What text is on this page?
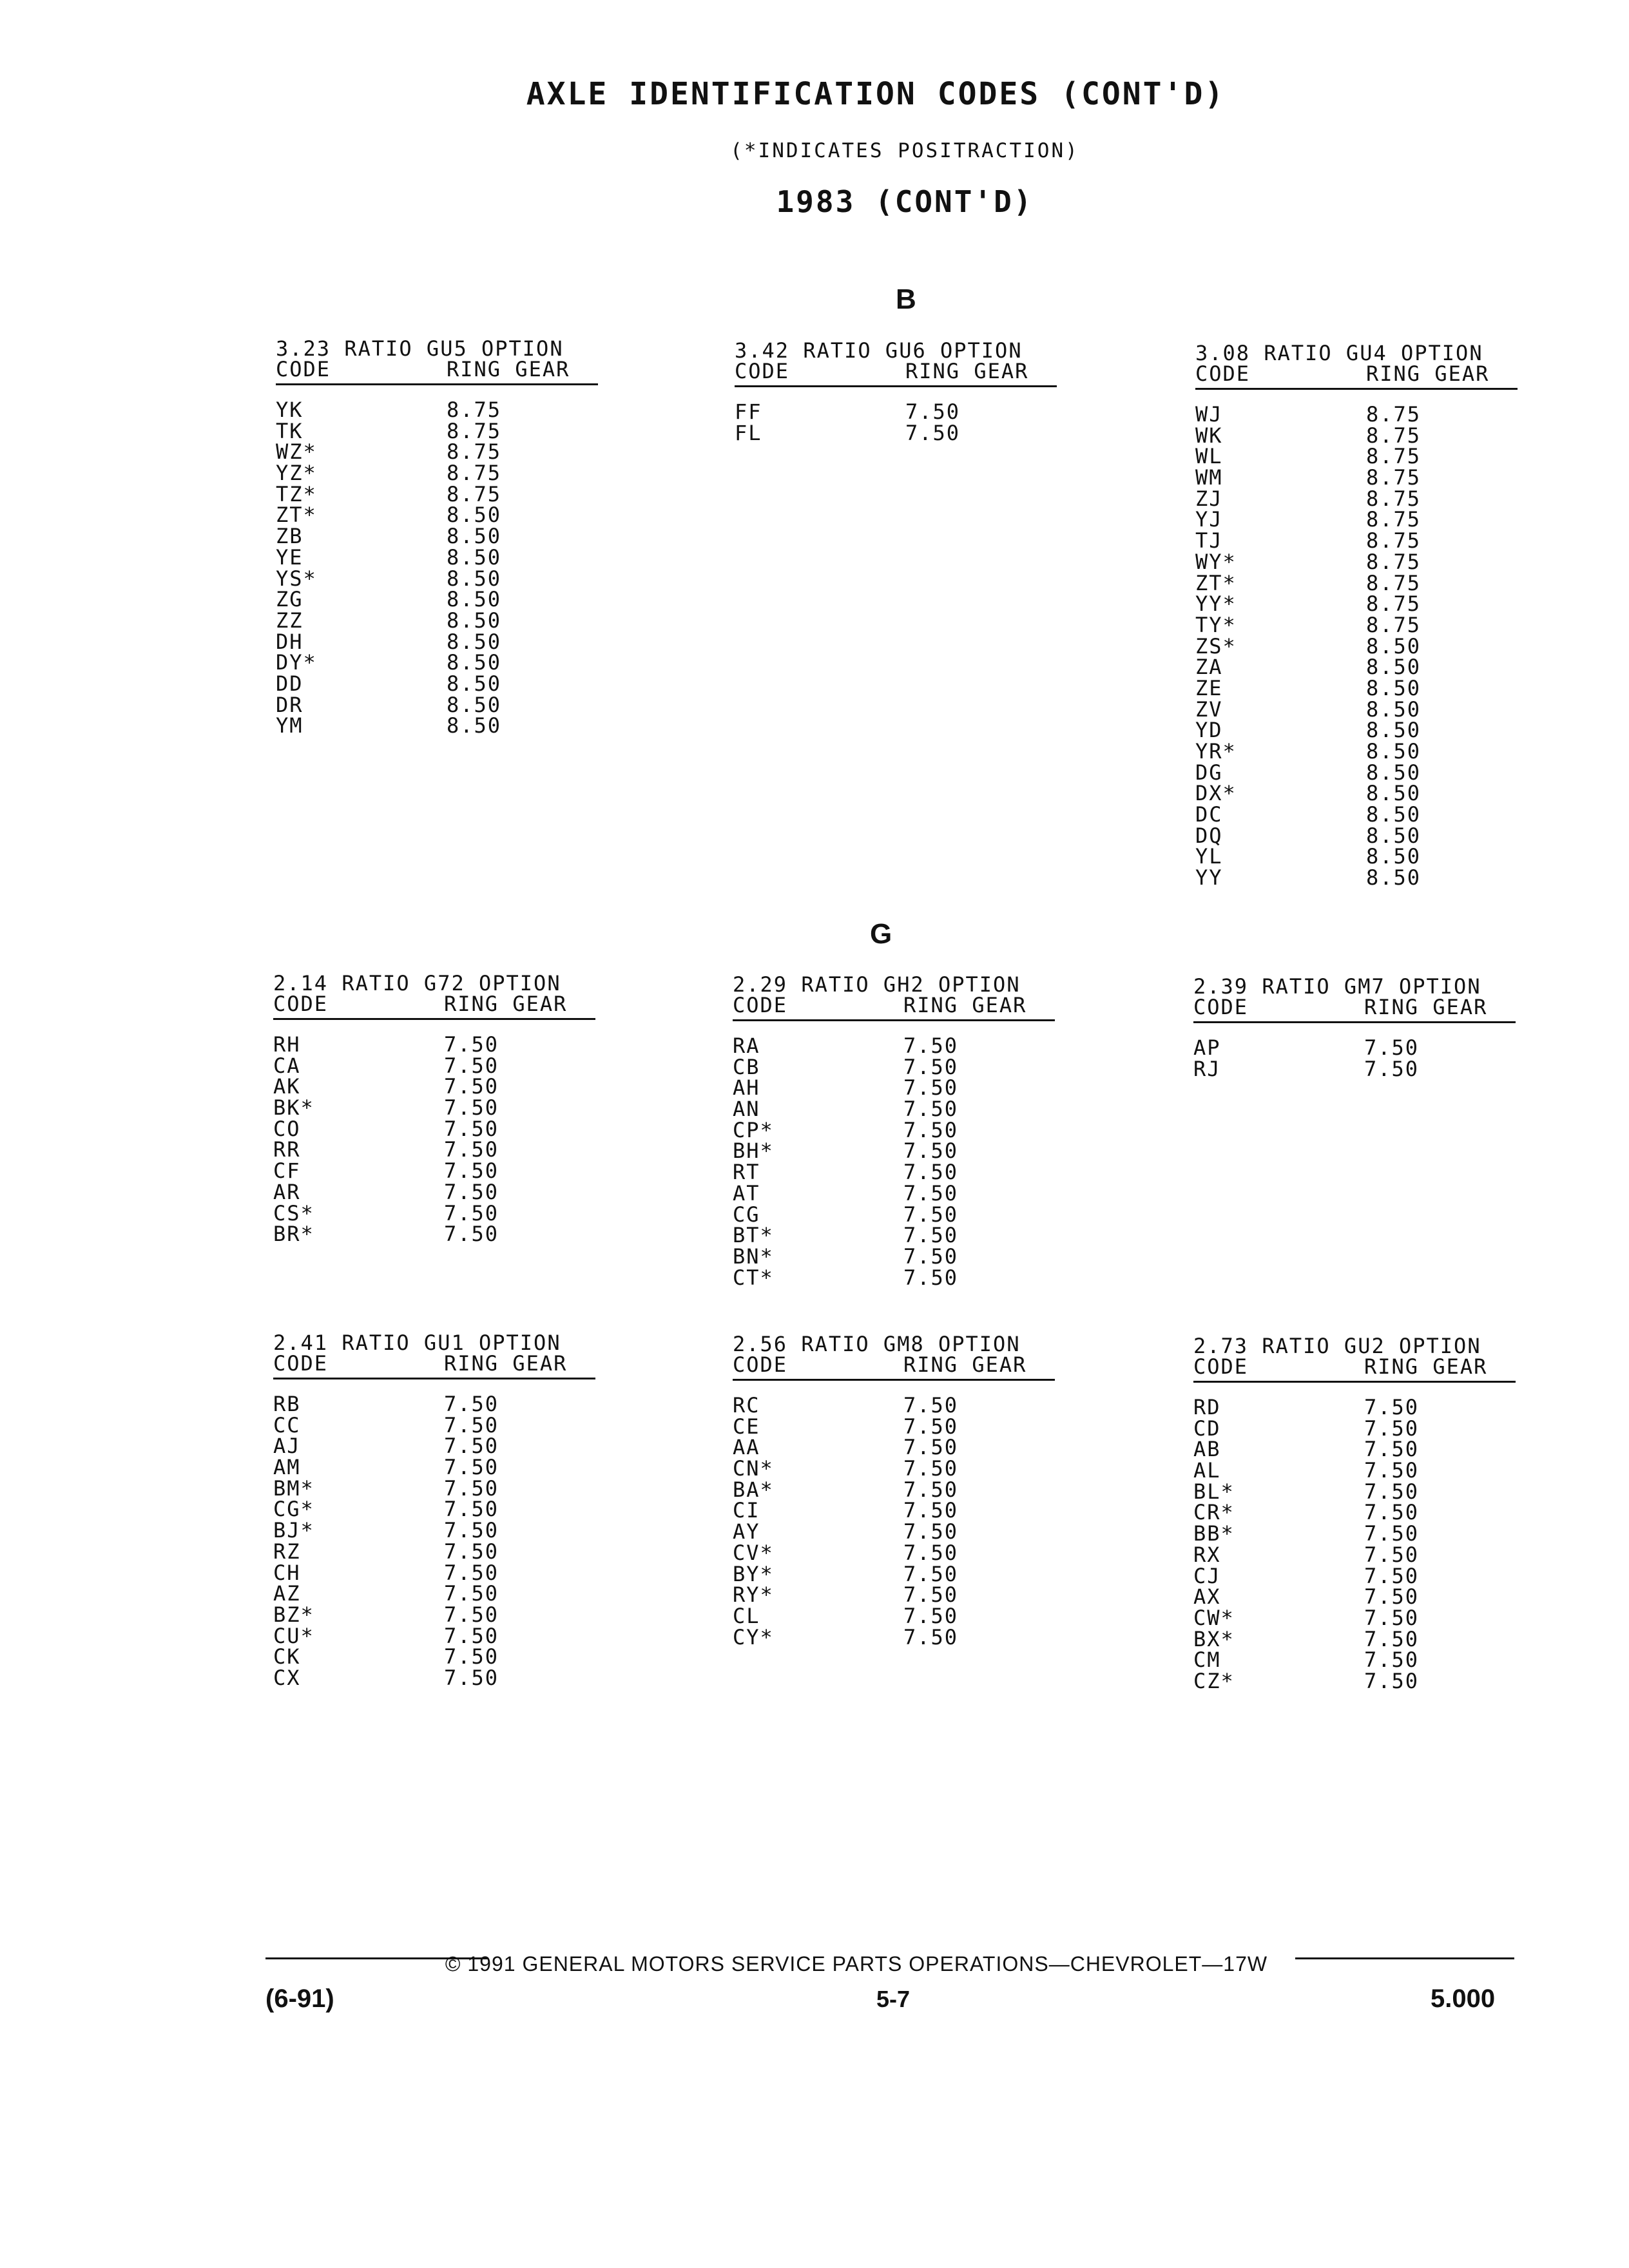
AXLE IDENTIFICATION CODES (CONT'D)
(*INDICATES POSITRACTION)
1983 (CONT'D)
B
3.23 RATIO GU5 OPTION
CODE	RING GEAR
YK	8.75
TK	8.75
WZ*	8.75
YZ*	8.75
TZ*	8.75
ZT*	8.50
ZB	8.50
YE	8.50
YS*	8.50
ZG	8.50
ZZ	8.50
DH	8.50
DY*	8.50
DD	8.50
DR	8.50
YM	8.50
3.42 RATIO GU6 OPTION
CODE	RING GEAR
FF	7.50
FL	7.50
3.08 RATIO GU4 OPTION
CODE	RING GEAR
WJ	8.75
WK	8.75
WL	8.75
WM	8.75
ZJ	8.75
YJ	8.75
TJ	8.75
WY*	8.75
ZT*	8.75
YY*	8.75
TY*	8.75
ZS*	8.50
ZA	8.50
ZE	8.50
ZV	8.50
YD	8.50
YR*	8.50
DG	8.50
DX*	8.50
DC	8.50
DQ	8.50
YL	8.50
YY	8.50
G
2.14 RATIO G72 OPTION
CODE	RING GEAR
RH	7.50
CA	7.50
AK	7.50
BK*	7.50
CO	7.50
RR	7.50
CF	7.50
AR	7.50
CS*	7.50
BR*	7.50
2.29 RATIO GH2 OPTION
CODE	RING GEAR
RA	7.50
CB	7.50
AH	7.50
AN	7.50
CP*	7.50
BH*	7.50
RT	7.50
AT	7.50
CG	7.50
BT*	7.50
BN*	7.50
CT*	7.50
2.39 RATIO GM7 OPTION
CODE	RING GEAR
AP	7.50
RJ	7.50
2.41 RATIO GU1 OPTION
CODE	RING GEAR
RB	7.50
CC	7.50
AJ	7.50
AM	7.50
BM*	7.50
CG*	7.50
BJ*	7.50
RZ	7.50
CH	7.50
AZ	7.50
BZ*	7.50
CU*	7.50
CK	7.50
CX	7.50
2.56 RATIO GM8 OPTION
CODE	RING GEAR
RC	7.50
CE	7.50
AA	7.50
CN*	7.50
BA*	7.50
CI	7.50
AY	7.50
CV*	7.50
BY*	7.50
RY*	7.50
CL	7.50
CY*	7.50
2.73 RATIO GU2 OPTION
CODE	RING GEAR
RD	7.50
CD	7.50
AB	7.50
AL	7.50
BL*	7.50
CR*	7.50
BB*	7.50
RX	7.50
CJ	7.50
AX	7.50
CW*	7.50
BX*	7.50
CM	7.50
CZ*	7.50
© 1991 GENERAL MOTORS SERVICE PARTS OPERATIONS—CHEVROLET—17W
(6-91)	5-7	5.000
